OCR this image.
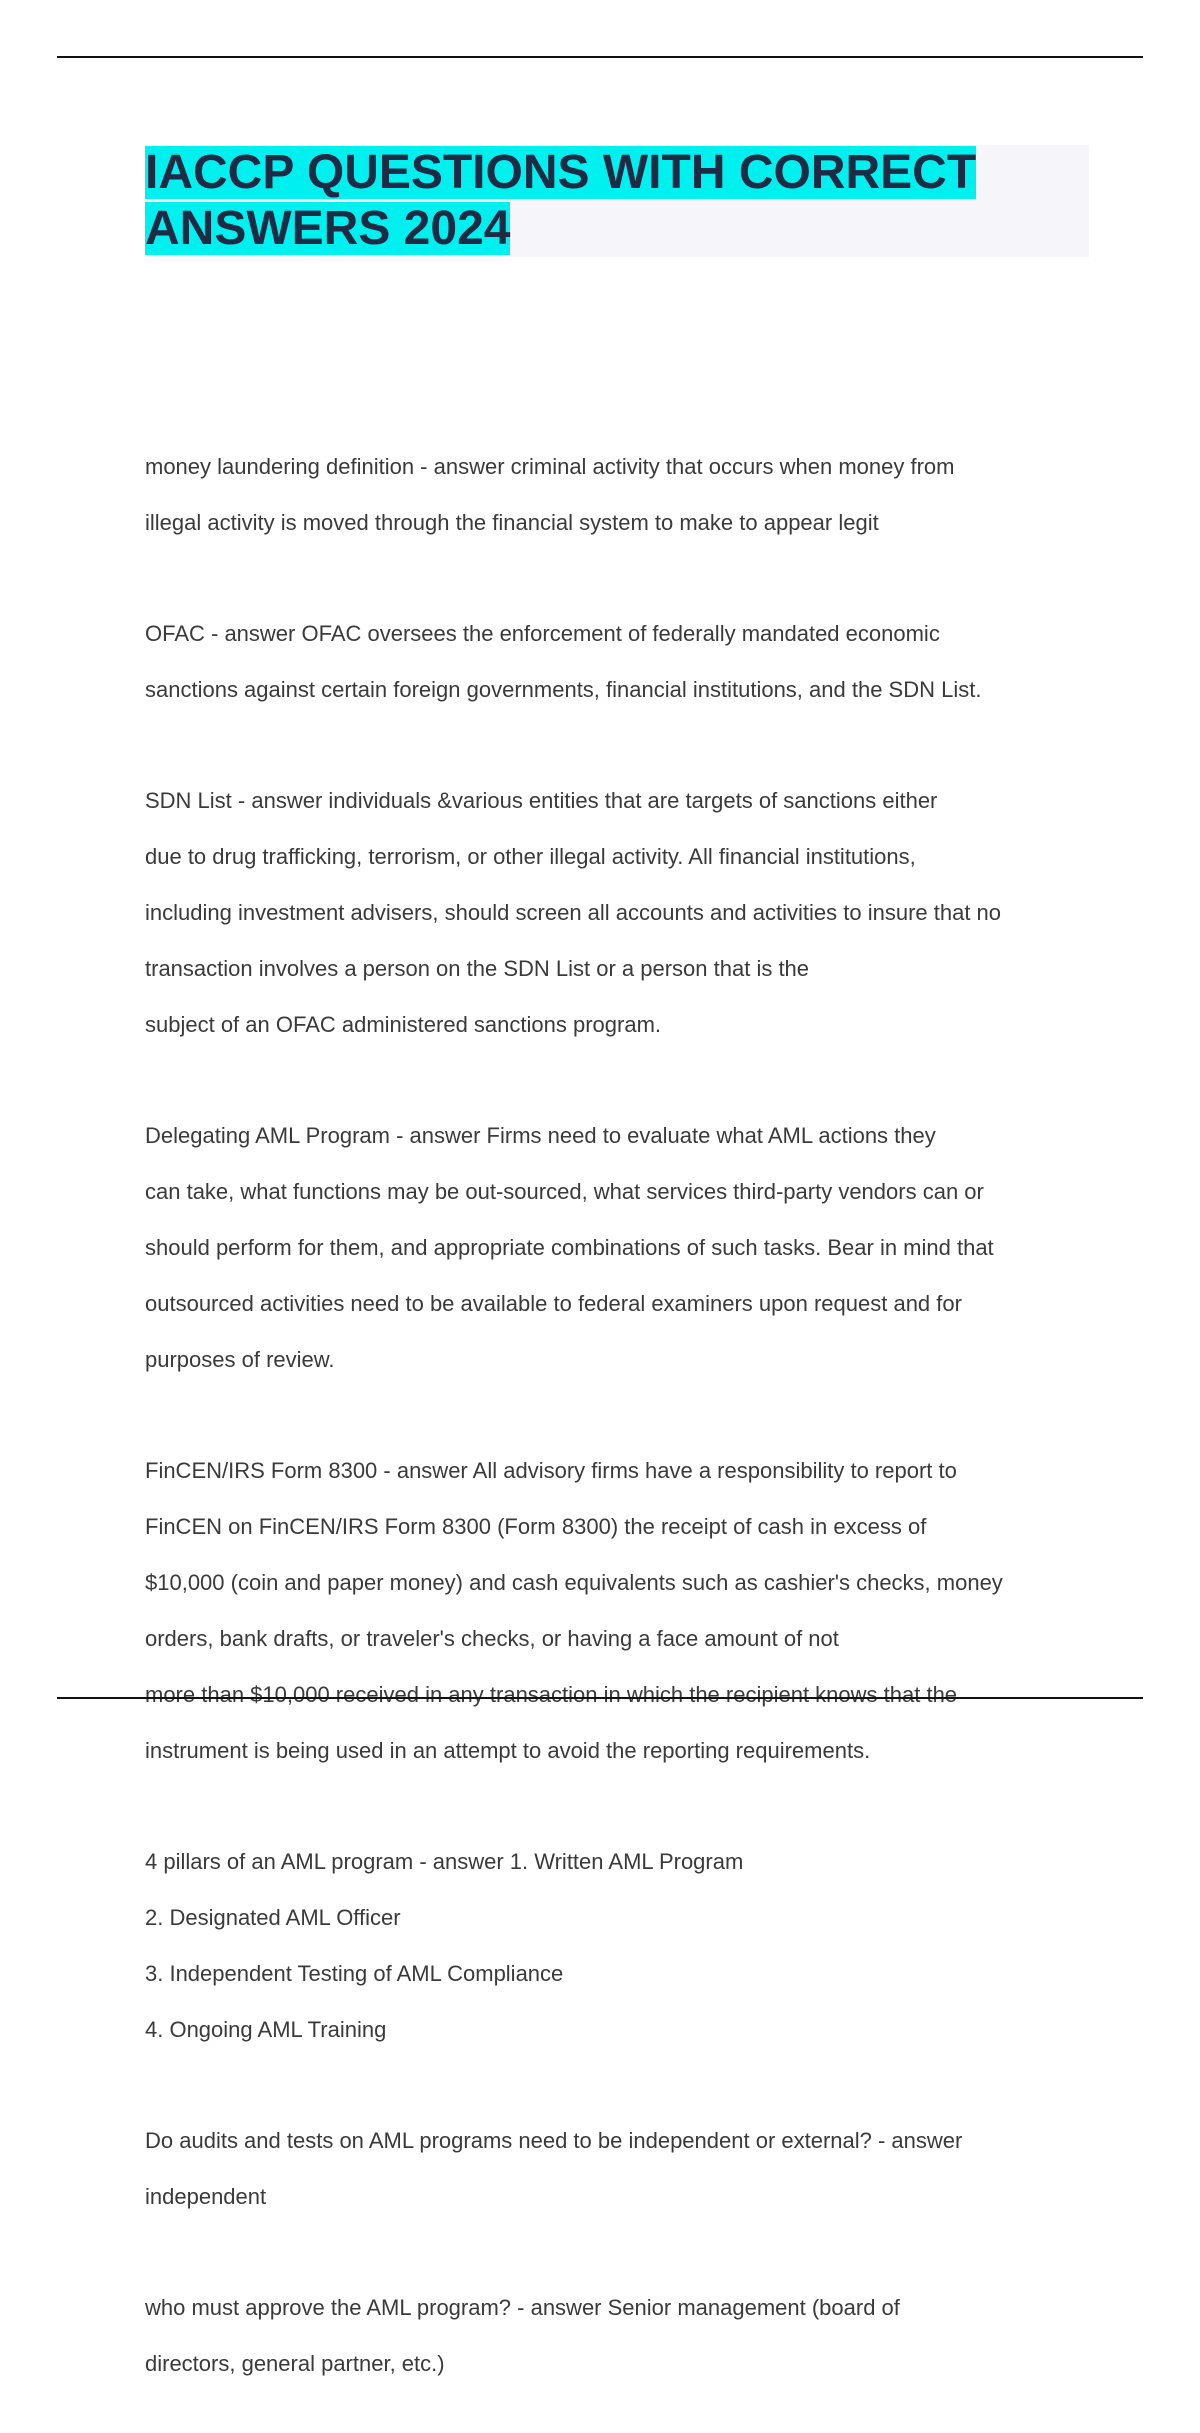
IACCP QUESTIONS WITH CORRECT
ANSWERS 2024

money laundering definition - answer criminal activity that occurs when money from

illegal activity is moved through the financial system to make to appear legit

OFAC - answer OFAC oversees the enforcement of federally mandated economic

sanctions against certain foreign governments, financial institutions, and the SDN List.

SDN List - answer individuals &various entities that are targets of sanctions either

due to drug trafficking, terrorism, or other illegal activity. All financial institutions,

including investment advisers, should screen all accounts and activities to insure that no

transaction involves a person on the SDN List or a person that is the

subject of an OFAC administered sanctions program.

Delegating AML Program - answer Firms need to evaluate what AML actions they

can take, what functions may be out-sourced, what services third-party vendors can or

should perform for them, and appropriate combinations of such tasks. Bear in mind that

outsourced activities need to be available to federal examiners upon request and for

purposes of review.

FinCEN/IRS Form 8300 - answer All advisory firms have a responsibility to report to

FinCEN on FinCEN/IRS Form 8300 (Form 8300) the receipt of cash in excess of

$10,000 (coin and paper money) and cash equivalents such as cashier's checks, money

orders, bank drafts, or traveler's checks, or having a face amount of not

more than $10,000 received in any transaction in which the recipient knows that the

instrument is being used in an attempt to avoid the reporting requirements.

4 pillars of an AML program - answer 1. Written AML Program

2. Designated AML Officer

3. Independent Testing of AML Compliance

4. Ongoing AML Training

Do audits and tests on AML programs need to be independent or external? - answer

independent

who must approve the AML program? - answer Senior management (board of

directors, general partner, etc.)
